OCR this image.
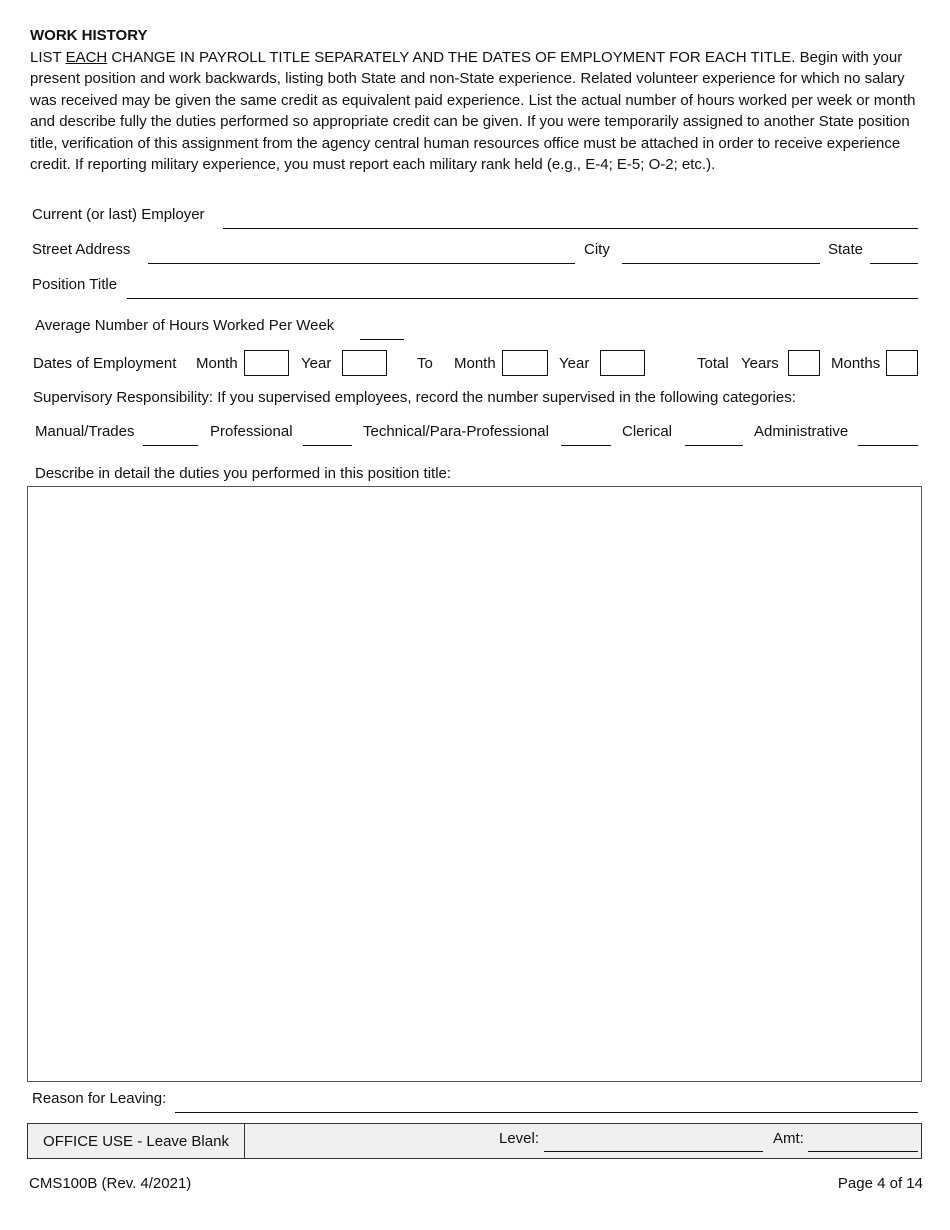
WORK HISTORY
LIST EACH CHANGE IN PAYROLL TITLE SEPARATELY AND THE DATES OF EMPLOYMENT FOR EACH TITLE. Begin with your present position and work backwards, listing both State and non-State experience. Related volunteer experience for which no salary was received may be given the same credit as equivalent paid experience. List the actual number of hours worked per week or month and describe fully the duties performed so appropriate credit can be given. If you were temporarily assigned to another State position title, verification of this assignment from the agency central human resources office must be attached in order to receive experience credit. If reporting military experience, you must report each military rank held (e.g., E-4; E-5; O-2; etc.).
Current (or last) Employer
Street Address	City	State
Position Title
Average Number of Hours Worked Per Week
Dates of Employment Month	Year	To Month	Year	Total Years	Months
Supervisory Responsibility: If you supervised employees, record the number supervised in the following categories:
Manual/Trades	Professional	Technical/Para-Professional	Clerical	Administrative
Describe in detail the duties you performed in this position title:
Reason for Leaving:
OFFICE USE - Leave Blank	Level:	Amt:
CMS100B (Rev. 4/2021)	Page 4 of 14
